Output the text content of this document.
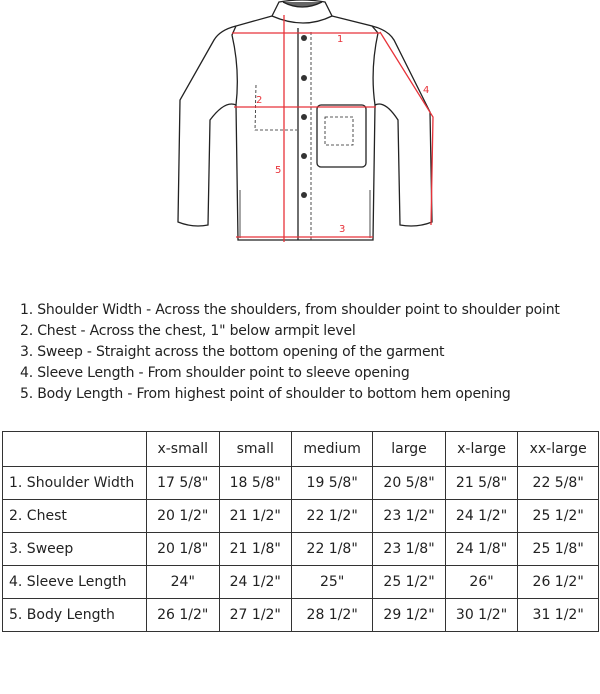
1
2
3
4
5
1. Shoulder Width - Across the shoulders, from shoulder point to shoulder point
2. Chest - Across the chest, 1" below armpit level
3. Sweep - Straight across the bottom opening of the garment
4. Sleeve Length - From shoulder point to sleeve opening
5. Body Length - From highest point of shoulder to bottom hem opening
	x-small	small	medium	large	x-large	xx-large
1. Shoulder Width	17 5/8"	18 5/8"	19 5/8"	20 5/8"	21 5/8"	22 5/8"
2. Chest	20 1/2"	21 1/2"	22 1/2"	23 1/2"	24 1/2"	25 1/2"
3. Sweep	20 1/8"	21 1/8"	22 1/8"	23 1/8"	24 1/8"	25 1/8"
4. Sleeve Length	24"	24 1/2"	25"	25 1/2"	26"	26 1/2"
5. Body Length	26 1/2"	27 1/2"	28 1/2"	29 1/2"	30 1/2"	31 1/2"
